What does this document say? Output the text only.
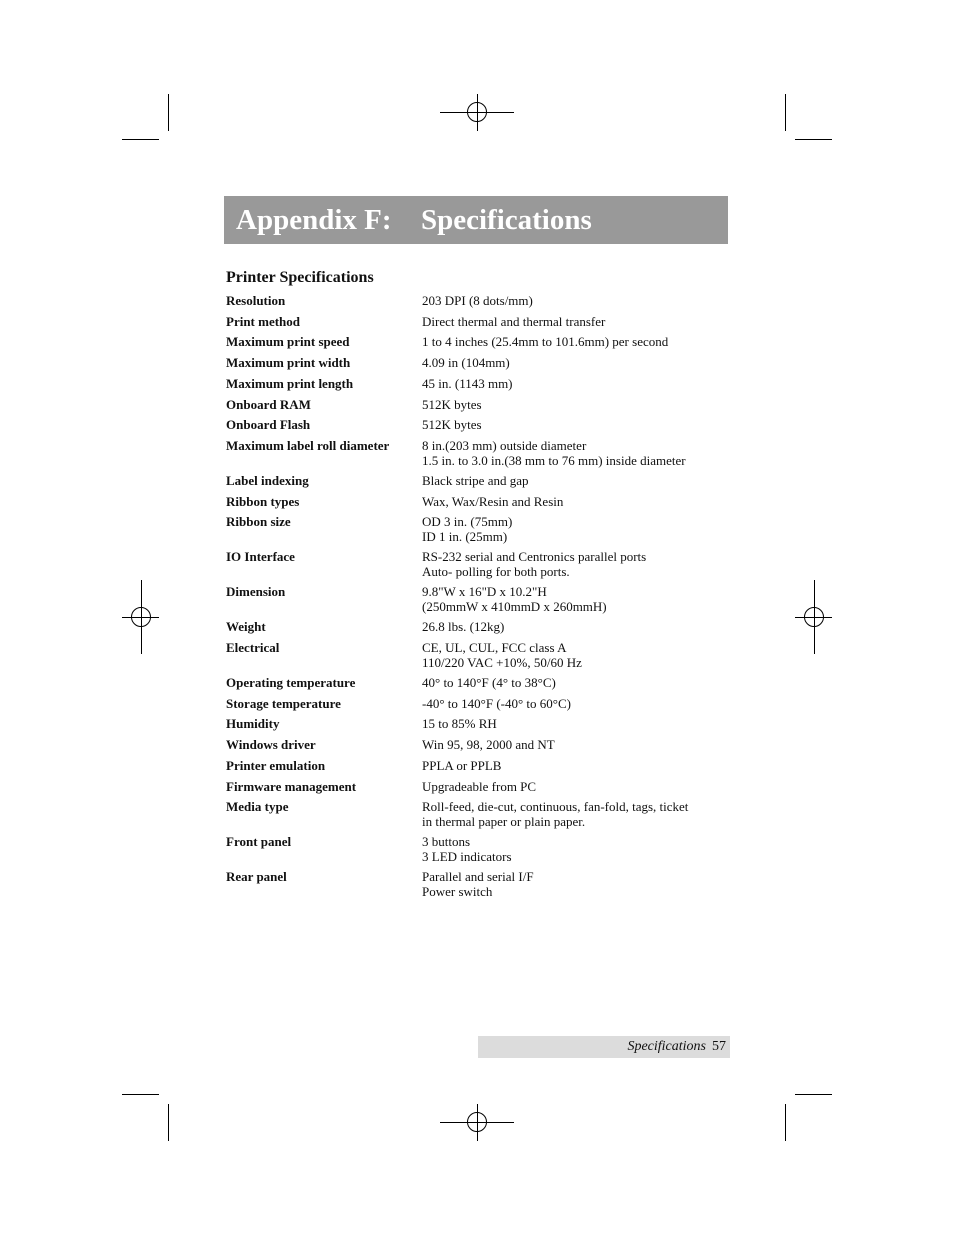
Appendix F: Specifications
Printer Specifications
Resolution	203 DPI (8 dots/mm)
Print method	Direct thermal and thermal transfer
Maximum print speed	1 to 4 inches (25.4mm to 101.6mm) per second
Maximum print width	4.09 in (104mm)
Maximum print length	45 in. (1143 mm)
Onboard RAM	512K bytes
Onboard Flash	512K bytes
Maximum label roll diameter	8 in.(203 mm) outside diameter
1.5 in. to 3.0 in.(38 mm to 76 mm) inside diameter
Label indexing	Black stripe and gap
Ribbon types	Wax, Wax/Resin and Resin
Ribbon size	OD 3 in. (75mm)
ID 1 in. (25mm)
IO Interface	RS-232 serial and Centronics parallel ports
Auto- polling for both ports.
Dimension	9.8"W x 16"D x 10.2"H
(250mmW x 410mmD x 260mmH)
Weight	26.8 lbs. (12kg)
Electrical	CE, UL, CUL, FCC class A
110/220 VAC +10%, 50/60 Hz
Operating temperature	40° to 140°F (4° to 38°C)
Storage temperature	-40° to 140°F (-40° to 60°C)
Humidity	15 to 85% RH
Windows driver	Win 95, 98, 2000 and NT
Printer emulation	PPLA or PPLB
Firmware management	Upgradeable from PC
Media type	Roll-feed, die-cut, continuous, fan-fold, tags, ticket
in thermal paper or plain paper.
Front panel	3 buttons
3 LED indicators
Rear panel	Parallel and serial I/F
Power switch
Specifications 57
